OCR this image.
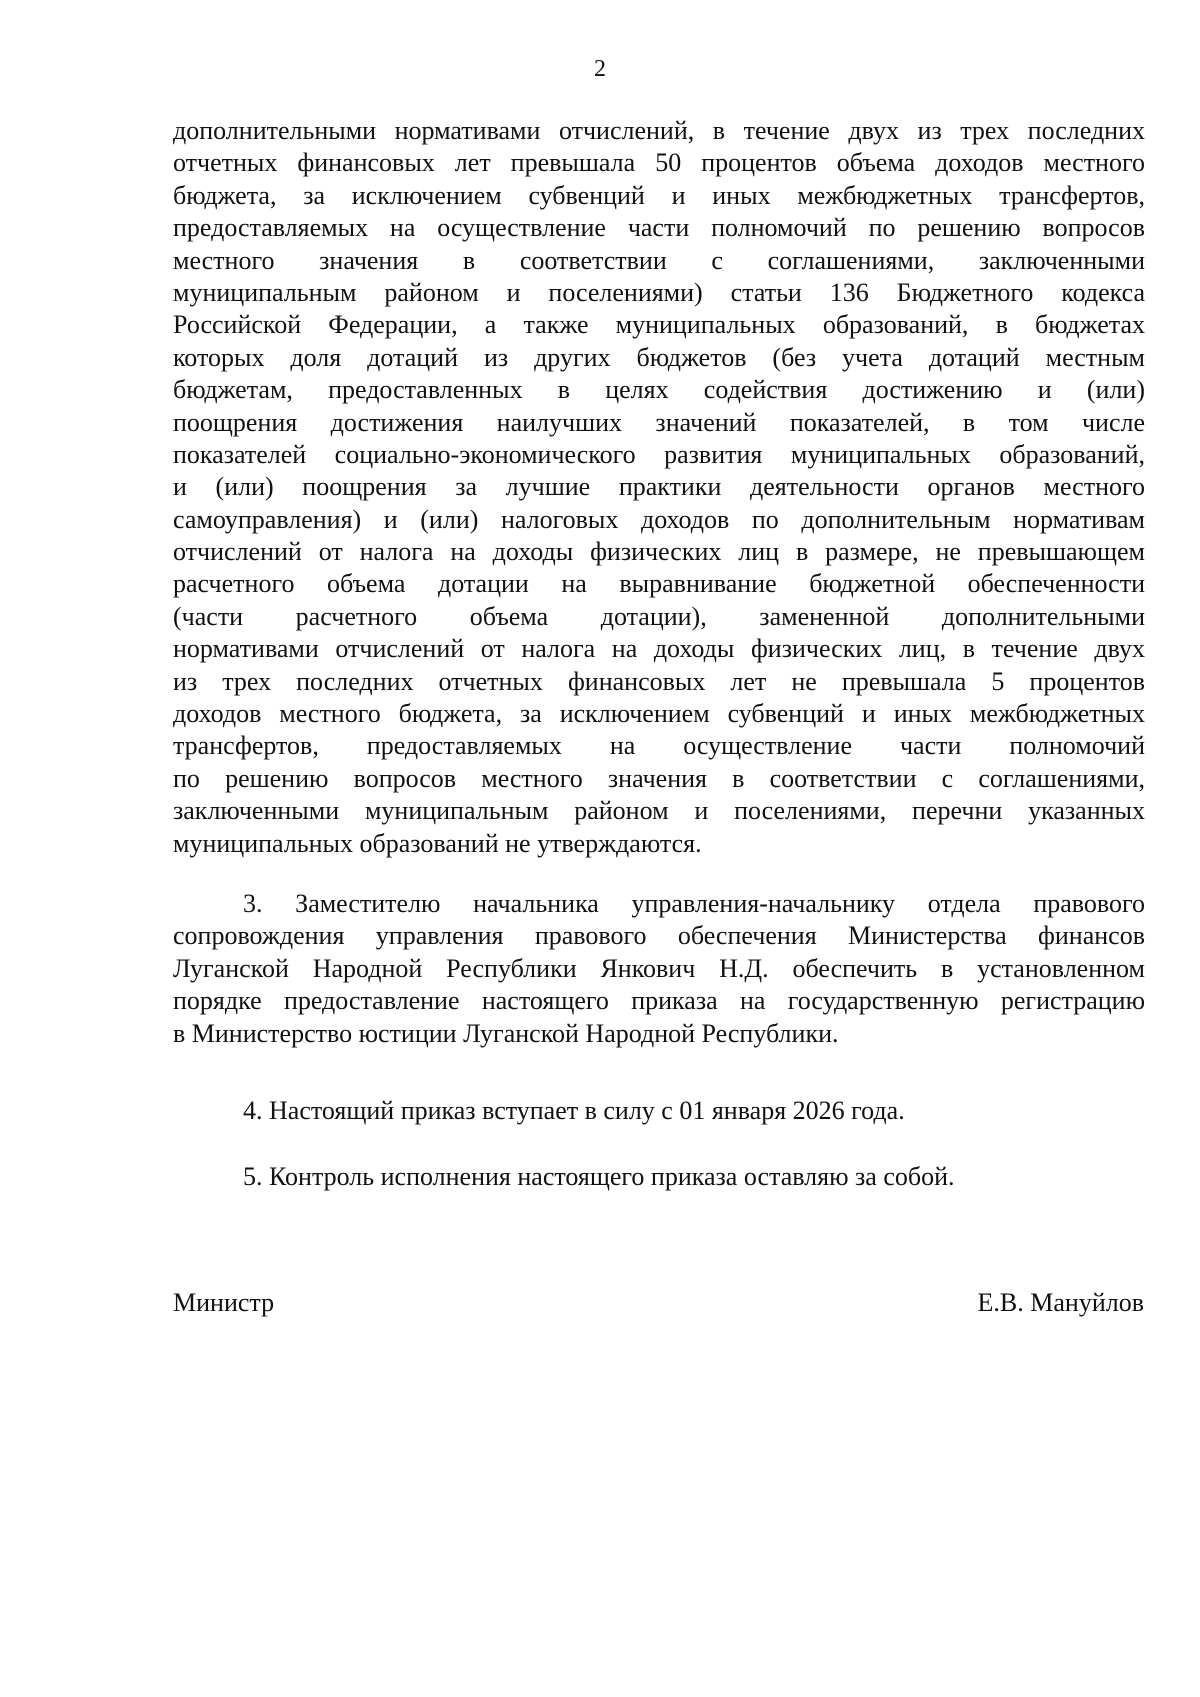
2
дополнительными нормативами отчислений, в течение двух из трех последних
отчетных финансовых лет превышала 50 процентов объема доходов местного
бюджета, за исключением субвенций и иных межбюджетных трансфертов,
предоставляемых на осуществление части полномочий по решению вопросов
местного значения в соответствии с соглашениями, заключенными
муниципальным районом и поселениями) статьи 136 Бюджетного кодекса
Российской Федерации, а также муниципальных образований, в бюджетах
которых доля дотаций из других бюджетов (без учета дотаций местным
бюджетам, предоставленных в целях содействия достижению и (или)
поощрения достижения наилучших значений показателей, в том числе
показателей социально-экономического развития муниципальных образований,
и (или) поощрения за лучшие практики деятельности органов местного
самоуправления) и (или) налоговых доходов по дополнительным нормативам
отчислений от налога на доходы физических лиц в размере, не превышающем
расчетного объема дотации на выравнивание бюджетной обеспеченности
(части расчетного объема дотации), замененной дополнительными
нормативами отчислений от налога на доходы физических лиц, в течение двух
из трех последних отчетных финансовых лет не превышала 5 процентов
доходов местного бюджета, за исключением субвенций и иных межбюджетных
трансфертов, предоставляемых на осуществление части полномочий
по решению вопросов местного значения в соответствии с соглашениями,
заключенными муниципальным районом и поселениями, перечни указанных
муниципальных образований не утверждаются.
3. Заместителю начальника управления-начальнику отдела правового
сопровождения управления правового обеспечения Министерства финансов
Луганской Народной Республики Янкович Н.Д. обеспечить в установленном
порядке предоставление настоящего приказа на государственную регистрацию
в Министерство юстиции Луганской Народной Республики.
4. Настоящий приказ вступает в силу с 01 января 2026 года.
5. Контроль исполнения настоящего приказа оставляю за собой.
Министр	Е.В. Мануйлов
